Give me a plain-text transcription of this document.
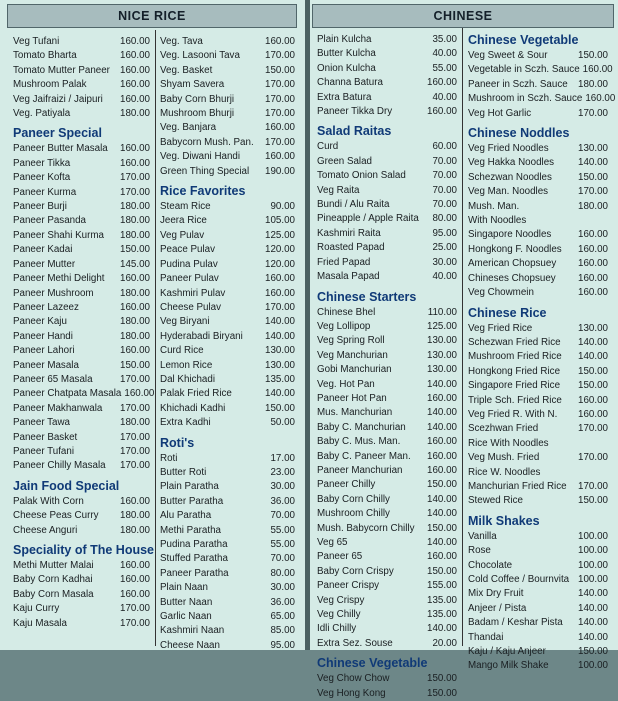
NICE RICE
Veg Tufani	160.00
Tomato Bharta	160.00
Tomato Mutter Paneer	160.00
Mushroom Palak	160.00
Veg Jaifraizi / Jaipuri	160.00
Veg. Patiyala	180.00
Paneer Special
Paneer Butter Masala	160.00
Paneer Tikka	160.00
Paneer Kofta	170.00
Paneer Kurma	170.00
Paneer Burji	180.00
Paneer Pasanda	180.00
Paneer Shahi Kurma	180.00
Paneer Kadai	150.00
Paneer Mutter	145.00
Paneer Methi Delight	160.00
Paneer Mushroom	180.00
Paneer Lazeez	160.00
Paneer Kaju	180.00
Paneer Handi	180.00
Paneer Lahori	160.00
Paneer Masala	150.00
Paneer 65 Masala	170.00
Paneer Chatpata Masala 160.00
Paneer Makhanwala	170.00
Paneer Tawa	180.00
Paneer Basket	170.00
Paneer Tufani	170.00
Paneer Chilly Masala	170.00
Jain Food Special
Palak With Corn	160.00
Cheese Peas Curry	180.00
Cheese Anguri	180.00
Speciality of The House
Methi Mutter Malai	160.00
Baby Corn Kadhai	160.00
Baby Corn Masala	160.00
Kaju Curry	170.00
Kaju Masala	170.00
Veg. Tava	160.00
Veg. Lasooni Tava	170.00
Veg. Basket	150.00
Shyam Savera	170.00
Baby Corn Bhurji	170.00
Mushroom Bhurji	170.00
Veg. Banjara	160.00
Babycorn Mush. Pan.	170.00
Veg. Diwani Handi	160.00
Green Thing Special	190.00
Rice Favorites
Steam Rice	90.00
Jeera Rice	105.00
Veg Pulav	125.00
Peace Pulav	120.00
Pudina Pulav	120.00
Paneer Pulav	160.00
Kashmiri Pulav	160.00
Cheese Pulav	170.00
Veg Biryani	140.00
Hyderabadi Biryani	140.00
Curd Rice	130.00
Lemon Rice	130.00
Dal Khichadi	135.00
Palak Fried Rice	140.00
Khichadi Kadhi	150.00
Extra Kadhi	50.00
Roti's
Roti	17.00
Butter Roti	23.00
Plain Paratha	30.00
Butter Paratha	36.00
Alu Paratha	70.00
Methi Paratha	55.00
Pudina Paratha	55.00
Stuffed Paratha	70.00
Paneer Paratha	80.00
Plain Naan	30.00
Butter Naan	36.00
Garlic Naan	65.00
Kashmiri Naan	85.00
Cheese Naan	95.00
CHINESE
Plain Kulcha	35.00
Butter Kulcha	40.00
Onion Kulcha	55.00
Channa Batura	160.00
Extra Batura	40.00
Paneer Tikka Dry	160.00
Salad Raitas
Curd	60.00
Green Salad	70.00
Tomato Onion Salad	70.00
Veg Raita	70.00
Bundi / Alu Raita	70.00
Pineapple / Apple Raita	80.00
Kashmiri Raita	95.00
Roasted Papad	25.00
Fried Papad	30.00
Masala Papad	40.00
Chinese Starters
Chinese Bhel	110.00
Veg Lollipop	125.00
Veg Spring Roll	130.00
Veg Manchurian	130.00
Gobi Manchurian	130.00
Veg. Hot Pan	140.00
Paneer Hot Pan	160.00
Mus. Manchurian	140.00
Baby C. Manchurian	140.00
Baby C. Mus. Man.	160.00
Baby C. Paneer Man.	160.00
Paneer Manchurian	160.00
Paneer Chilly	150.00
Baby Corn Chilly	140.00
Mushroom Chilly	140.00
Mush. Babycorn Chilly	150.00
Veg 65	140.00
Paneer 65	160.00
Baby Corn Crispy	150.00
Paneer Crispy	155.00
Veg Crispy	135.00
Veg Chilly	135.00
Idli Chilly	140.00
Extra Sez. Souse	20.00
Chinese Vegetable
Veg Chow Chow	150.00
Veg Hong Kong	150.00
Chinese Vegetable
Veg Sweet & Sour	150.00
Vegetable in Sczh. Sauce 160.00
Paneer in Sczh. Sauce	180.00
Mushroom in Sczh. Sauce 160.00
Veg Hot Garlic	170.00
Chinese Noddles
Veg Fried Noodles	130.00
Veg Hakka Noodles	140.00
Schezwan Noodles	150.00
Veg Man. Noodles	170.00
Mush. Man.	180.00
With Noodles
Singapore Noodles	160.00
Hongkong F. Noodles	160.00
American Chopsuey	160.00
Chineses Chopsuey	160.00
Veg Chowmein	160.00
Chinese Rice
Veg Fried Rice	130.00
Schezwan Fried Rice	140.00
Mushroom Fried Rice	140.00
Hongkong Fried Rice	150.00
Singapore Fried Rice	150.00
Triple Sch. Fried Rice	160.00
Veg Fried R. With N.	160.00
Scezhwan Fried	170.00
Rice With Noodles
Veg Mush. Fried	170.00
Rice W. Noodles
Manchurian Fried Rice	170.00
Stewed Rice	150.00
Milk Shakes
Vanilla	100.00
Rose	100.00
Chocolate	100.00
Cold Coffee / Bournvita 100.00
Mix Dry Fruit	140.00
Anjeer / Pista	140.00
Badam / Keshar Pista	140.00
Thandai	140.00
Kaju / Kaju Anjeer	150.00
Mango Milk Shake	100.00
